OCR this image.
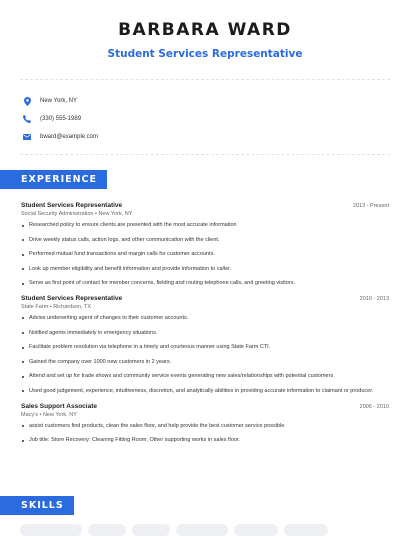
BARBARA WARD
Student Services Representative
New York, NY
(330) 555-1989
bward@example.com
EXPERIENCE
Student Services Representative	2013 - Present
Social Security Administration • New York, NY
Researched policy to ensure clients are presented with the most accurate information
Drive weekly status calls, action logs, and other communication with the client.
Performed mutual fund transactions and margin calls for customer accounts.
Look up member eligibility and benefit information and provide information to caller.
Serve as first point of contact for member concerns, fielding and routing telephone calls, and greeting visitors.
Student Services Representative	2010 - 2013
State Farm • Richardson, TX
Advise underwriting agent of changes to their customer accounts.
Notified agents immediately in emergency situations.
Facilitate problem resolution via telephone in a timely and courteous manner using State Farm CTI.
Gained the company over 1000 new customers in 2 years.
Attend and set up for trade shows and community service events generating new sales/relationships with potential customers
Used good judgement, experience, intuitiveness, discretion, and analytically abilities in providing accurate information to claimant or producer.
Sales Support Associate	2006 - 2010
Macy's • New York, NY
assist customers find products, clean the sales floor, and help provide the best customer service possible.
Job title: Store Recovery: Cleaning Fitting Room; Other supporting works in sales floor.
SKILLS
